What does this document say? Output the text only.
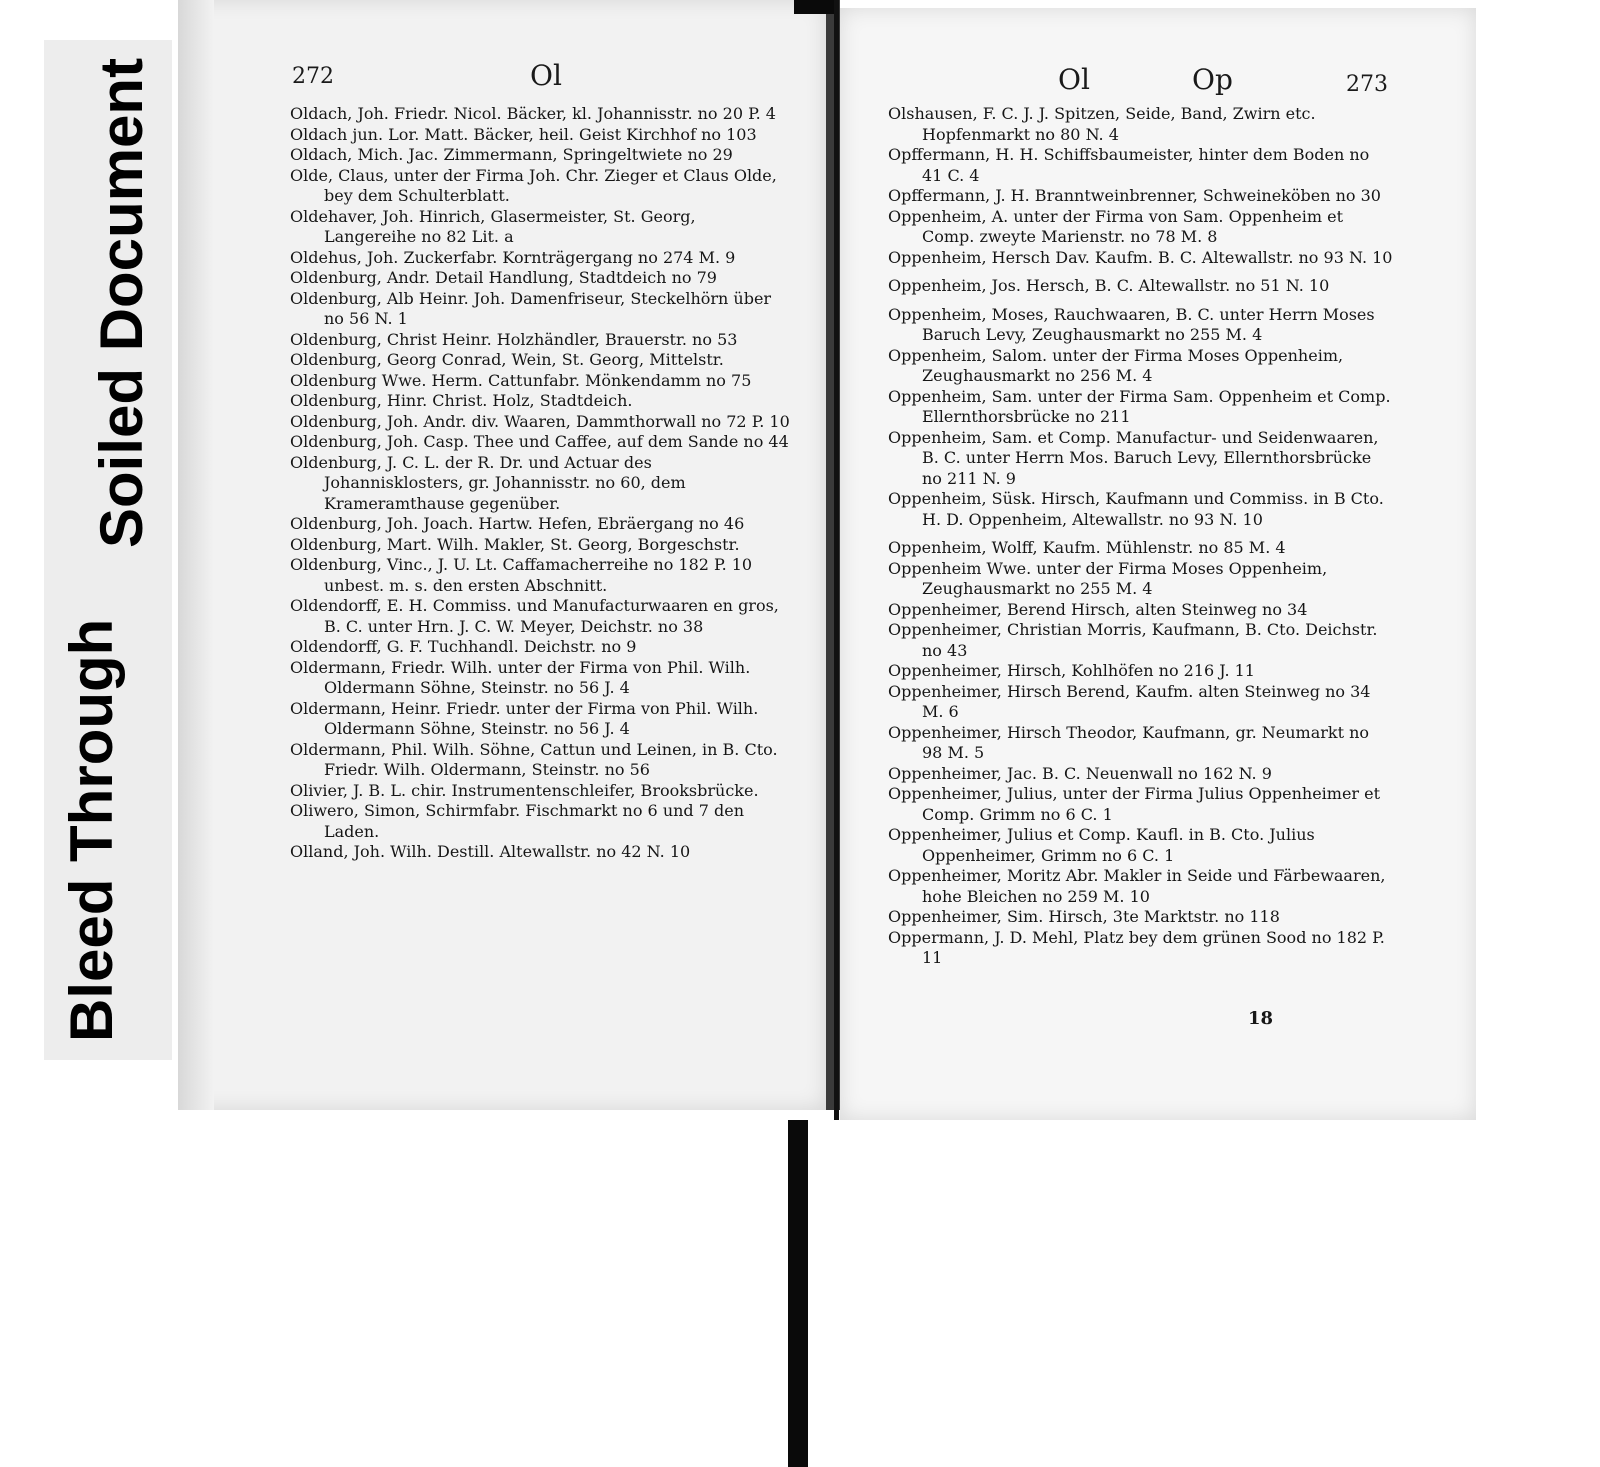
Bleed Through
Soiled Document	272	Ol	Ol	Op	273
Oldach, Joh. Friedr. Nicol. Bäcker, kl. Johannisstr. no 20 P. 4
Oldach jun. Lor. Matt. Bäcker, heil. Geist Kirchhof no 103
Oldach, Mich. Jac. Zimmermann, Springeltwiete no 29
Olde, Claus, unter der Firma Joh. Chr. Zieger et Claus Olde, bey dem Schulterblatt.
Oldehaver, Joh. Hinrich, Glasermeister, St. Georg, Langereihe no 82 Lit. a
Oldehus, Joh. Zuckerfabr. Kornträgergang no 274 M. 9
Oldenburg, Andr. Detail Handlung, Stadtdeich no 79
Oldenburg, Alb Heinr. Joh. Damenfriseur, Steckelhörn über no 56 N. 1
Oldenburg, Christ Heinr. Holzhändler, Brauerstr. no 53
Oldenburg, Georg Conrad, Wein, St. Georg, Mittelstr.
Oldenburg Wwe. Herm. Cattunfabr. Mönkendamm no 75
Oldenburg, Hinr. Christ. Holz, Stadtdeich.
Oldenburg, Joh. Andr. div. Waaren, Dammthorwall no 72 P. 10
Oldenburg, Joh. Casp. Thee und Caffee, auf dem Sande no 44
Oldenburg, J. C. L. der R. Dr. und Actuar des Johannisklosters, gr. Johannisstr. no 60, dem Krameramthause gegenüber.
Oldenburg, Joh. Joach. Hartw. Hefen, Ebräergang no 46
Oldenburg, Mart. Wilh. Makler, St. Georg, Borgeschstr.
Oldenburg, Vinc., J. U. Lt. Caffamacherreihe no 182 P. 10 unbest. m. s. den ersten Abschnitt.
Oldendorff, E. H. Commiss. und Manufacturwaaren en gros, B. C. unter Hrn. J. C. W. Meyer, Deichstr. no 38
Oldendorff, G. F. Tuchhandl. Deichstr. no 9
Oldermann, Friedr. Wilh. unter der Firma von Phil. Wilh. Oldermann Söhne, Steinstr. no 56 J. 4
Oldermann, Heinr. Friedr. unter der Firma von Phil. Wilh. Oldermann Söhne, Steinstr. no 56 J. 4
Oldermann, Phil. Wilh. Söhne, Cattun und Leinen, in B. Cto. Friedr. Wilh. Oldermann, Steinstr. no 56
Olivier, J. B. L. chir. Instrumentenschleifer, Brooksbrücke.
Oliwero, Simon, Schirmfabr. Fischmarkt no 6 und 7 den Laden.
Olland, Joh. Wilh. Destill. Altewallstr. no 42 N. 10
Olshausen, F. C. J. J. Spitzen, Seide, Band, Zwirn etc. Hopfenmarkt no 80 N. 4
Opffermann, H. H. Schiffsbaumeister, hinter dem Boden no 41 C. 4
Opffermann, J. H. Branntweinbrenner, Schweineköben no 30
Oppenheim, A. unter der Firma von Sam. Oppenheim et Comp. zweyte Marienstr. no 78 M. 8
Oppenheim, Hersch Dav. Kaufm. B. C. Altewallstr. no 93 N. 10
Oppenheim, Jos. Hersch, B. C. Altewallstr. no 51 N. 10
Oppenheim, Moses, Rauchwaaren, B. C. unter Herrn Moses Baruch Levy, Zeughausmarkt no 255 M. 4
Oppenheim, Salom. unter der Firma Moses Oppenheim, Zeughausmarkt no 256 M. 4
Oppenheim, Sam. unter der Firma Sam. Oppenheim et Comp. Ellernthorsbrücke no 211
Oppenheim, Sam. et Comp. Manufactur- und Seidenwaaren, B. C. unter Herrn Mos. Baruch Levy, Ellernthorsbrücke no 211 N. 9
Oppenheim, Süsk. Hirsch, Kaufmann und Commiss. in B Cto. H. D. Oppenheim, Altewallstr. no 93 N. 10
Oppenheim, Wolff, Kaufm. Mühlenstr. no 85 M. 4
Oppenheim Wwe. unter der Firma Moses Oppenheim, Zeughausmarkt no 255 M. 4
Oppenheimer, Berend Hirsch, alten Steinweg no 34
Oppenheimer, Christian Morris, Kaufmann, B. Cto. Deichstr. no 43
Oppenheimer, Hirsch, Kohlhöfen no 216 J. 11
Oppenheimer, Hirsch Berend, Kaufm. alten Steinweg no 34 M. 6
Oppenheimer, Hirsch Theodor, Kaufmann, gr. Neumarkt no 98 M. 5
Oppenheimer, Jac. B. C. Neuenwall no 162 N. 9
Oppenheimer, Julius, unter der Firma Julius Oppenheimer et Comp. Grimm no 6 C. 1
Oppenheimer, Julius et Comp. Kaufl. in B. Cto. Julius Oppenheimer, Grimm no 6 C. 1
Oppenheimer, Moritz Abr. Makler in Seide und Färbewaaren, hohe Bleichen no 259 M. 10
Oppenheimer, Sim. Hirsch, 3te Marktstr. no 118
Oppermann, J. D. Mehl, Platz bey dem grünen Sood no 182 P. 11
18
